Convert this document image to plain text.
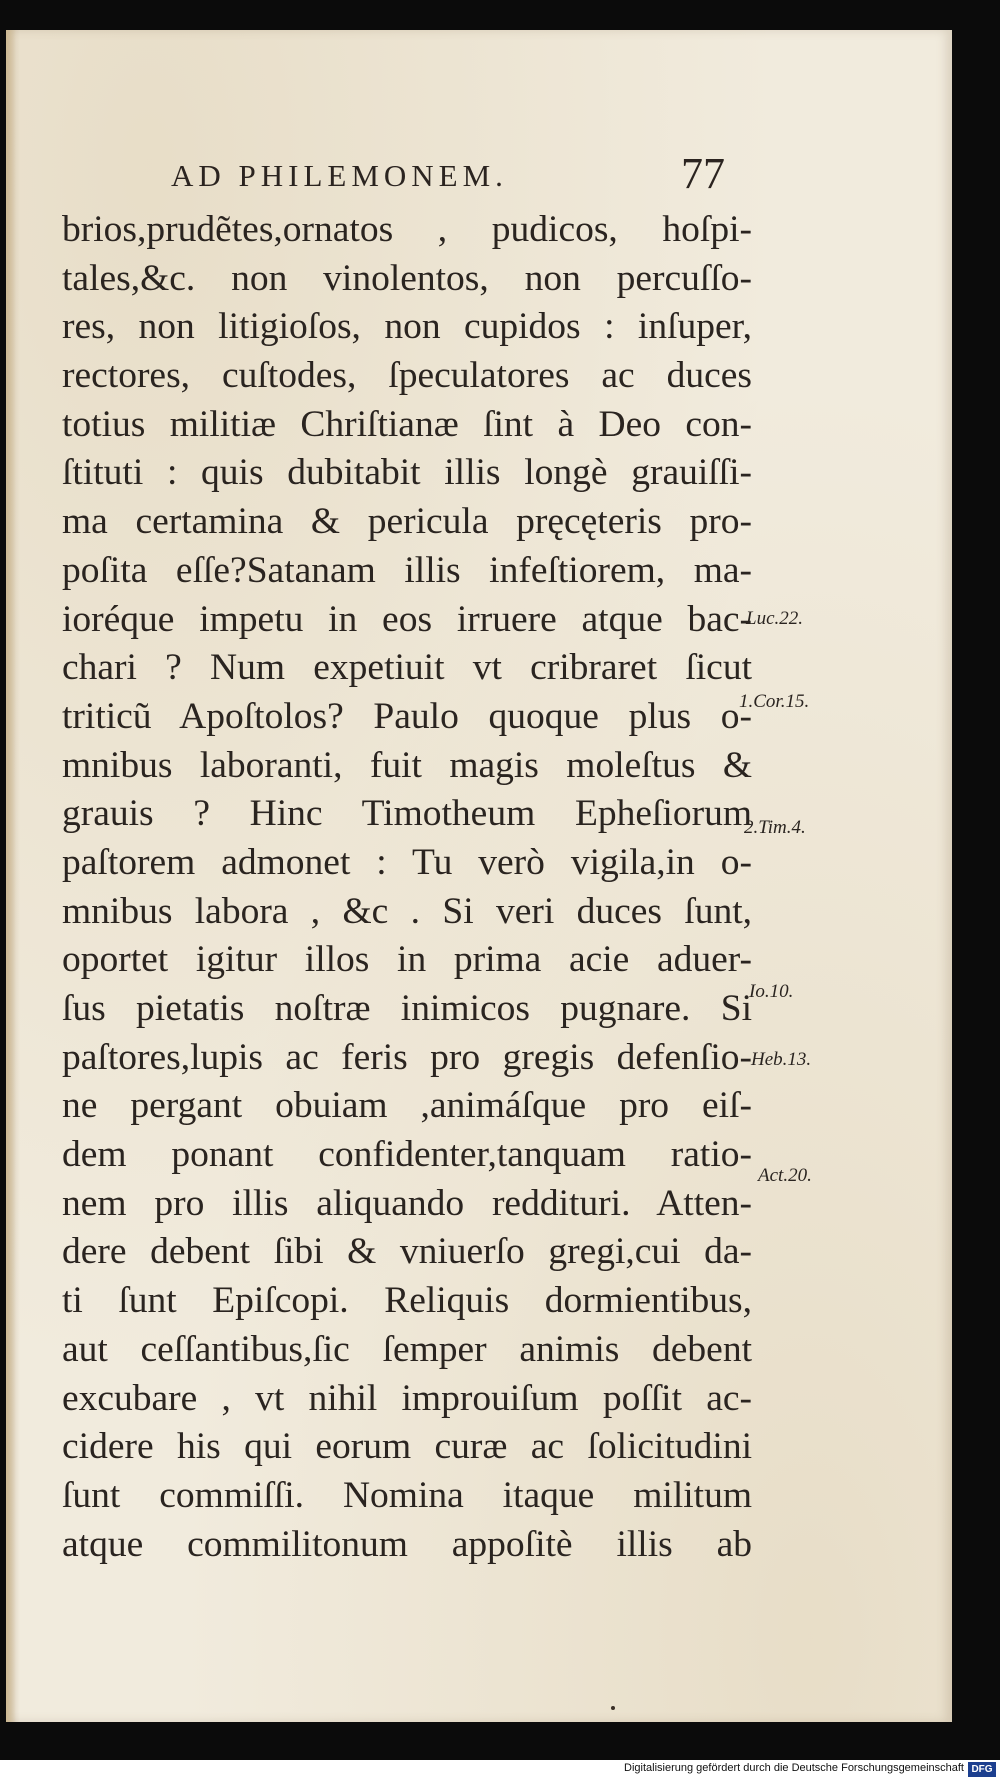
AD PHILEMONEM.	77
brios,prudẽtes,ornatos , pudicos, hoſpi-
tales,&c. non vinolentos, non percuſſo-
res, non litigioſos, non cupidos : inſuper,
rectores, cuſtodes, ſpeculatores ac duces
totius militiæ Chriſtianæ ſint à Deo con-
ſtituti : quis dubitabit illis longè grauiſſi-
ma certamina & pericula pręcęteris pro-
poſita eſſe?Satanam illis infeſtiorem, ma-
ioréque impetu in eos irruere atque bac-
chari ? Num expetiuit vt cribraret ſicut
triticũ Apoſtolos? Paulo quoque plus o-
mnibus laboranti, fuit magis moleſtus &
grauis ? Hinc Timotheum Epheſiorum
paſtorem admonet : Tu verò vigila,in o-
mnibus labora , &c . Si veri duces ſunt,
oportet igitur illos in prima acie aduer-
ſus pietatis noſtræ inimicos pugnare. Si
paſtores,lupis ac feris pro gregis defenſio-
ne pergant obuiam ,animáſque pro eiſ-
dem ponant confidenter,tanquam ratio-
nem pro illis aliquando reddituri. Atten-
dere debent ſibi & vniuerſo gregi,cui da-
ti ſunt Epiſcopi. Reliquis dormientibus,
aut ceſſantibus,ſic ſemper animis debent
excubare , vt nihil improuiſum poſſit ac-
cidere his qui eorum curæ ac ſolicitudini
ſunt commiſſi. Nomina itaque militum
atque commilitonum appoſitè illis ab
Luc.22.
1.Cor.15.
2.Tim.4.
Io.10.
Heb.13.
Act.20.
Digitalisierung gefördert durch die Deutsche Forschungsgemeinschaft DFG
